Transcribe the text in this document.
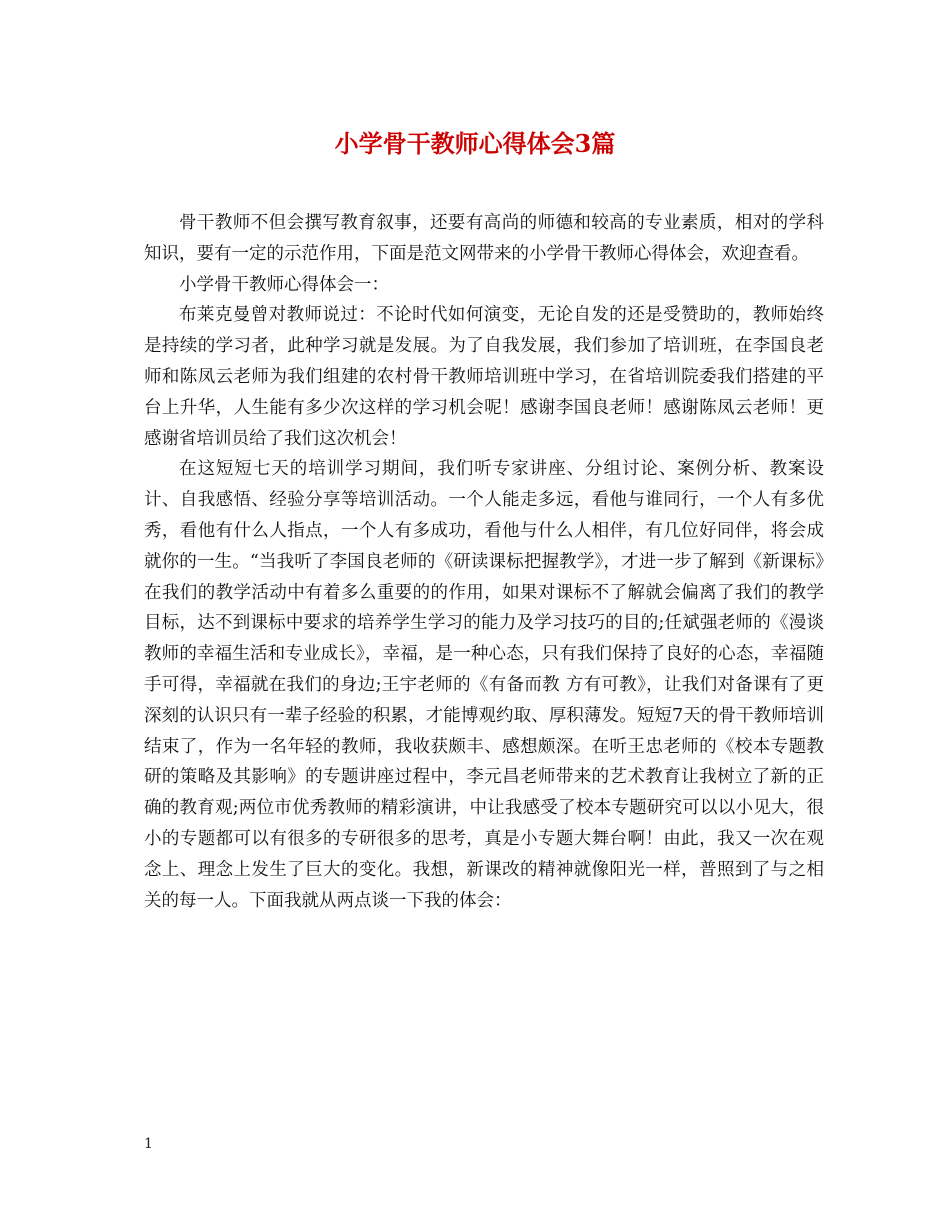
小学骨干教师心得体会3篇

骨干教师不但会撰写教育叙事，还要有高尚的师德和较高的专业素质，相对的学科知识，要有一定的示范作用，下面是范文网带来的小学骨干教师心得体会，欢迎查看。

小学骨干教师心得体会一：

布莱克曼曾对教师说过：不论时代如何演变，无论自发的还是受赞助的，教师始终是持续的学习者，此种学习就是发展。为了自我发展，我们参加了培训班，在李国良老师和陈凤云老师为我们组建的农村骨干教师培训班中学习，在省培训院委我们搭建的平台上升华，人生能有多少次这样的学习机会呢！感谢李国良老师！感谢陈凤云老师！更感谢省培训员给了我们这次机会！

在这短短七天的培训学习期间，我们听专家讲座、分组讨论、案例分析、教案设计、自我感悟、经验分享等培训活动。一个人能走多远，看他与谁同行，一个人有多优秀，看他有什么人指点，一个人有多成功，看他与什么人相伴，有几位好同伴，将会成就你的一生。“当我听了李国良老师的《研读课标把握教学》，才进一步了解到《新课标》在我们的教学活动中有着多么重要的的作用，如果对课标不了解就会偏离了我们的教学目标，达不到课标中要求的培养学生学习的能力及学习技巧的目的;任斌强老师的《漫谈教师的幸福生活和专业成长》，幸福，是一种心态，只有我们保持了良好的心态，幸福随手可得，幸福就在我们的身边;王宇老师的《有备而教 方有可教》，让我们对备课有了更深刻的认识只有一辈子经验的积累，才能博观约取、厚积薄发。短短7天的骨干教师培训结束了，作为一名年轻的教师，我收获颇丰、感想颇深。在听王忠老师的《校本专题教研的策略及其影响》的专题讲座过程中，李元昌老师带来的艺术教育让我树立了新的正确的教育观;两位市优秀教师的精彩演讲，中让我感受了校本专题研究可以以小见大，很小的专题都可以有很多的专研很多的思考，真是小专题大舞台啊！由此，我又一次在观念上、理念上发生了巨大的变化。我想，新课改的精神就像阳光一样，普照到了与之相关的每一人。下面我就从两点谈一下我的体会：

1
